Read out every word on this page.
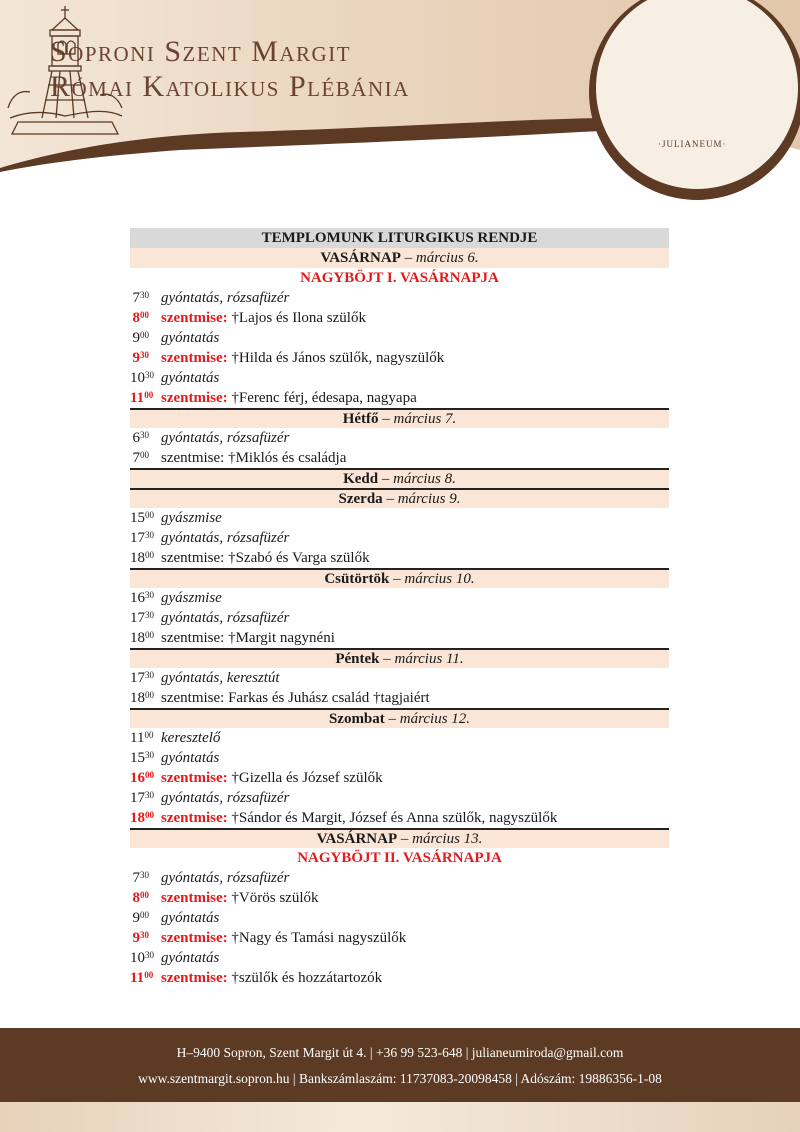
Soproni Szent Margit
Római Katolikus Plébánia
·JULIANEUM·
TEMPLOMUNK LITURGIKUS RENDJE
VASÁRNAP – március 6.
NAGYBÖJT I. VASÁRNAPJA
$7^{30}$ gyóntatás, rózsafüzér
$8^{00}$ szentmise: †Lajos és Ilona szülők
$9^{00}$ gyóntatás
$9^{30}$ szentmise: †Hilda és János szülők, nagyszülők
$10^{30}$ gyóntatás
$11^{00}$ szentmise: †Ferenc férj, édesapa, nagyapa
Hétfő – március 7.
$6^{30}$ gyóntatás, rózsafüzér
$7^{00}$ szentmise: †Miklós és családja
Kedd – március 8.
Szerda – március 9.
$15^{00}$ gyászmise
$17^{30}$ gyóntatás, rózsafüzér
$18^{00}$ szentmise: †Szabó és Varga szülők
Csütörtök – március 10.
$16^{30}$ gyászmise
$17^{30}$ gyóntatás, rózsafüzér
$18^{00}$ szentmise: †Margit nagynéni
Péntek – március 11.
$17^{30}$ gyóntatás, keresztút
$18^{00}$ szentmise: Farkas és Juhász család †tagjaiért
Szombat – március 12.
$11^{00}$ keresztelő
$15^{30}$ gyóntatás
$16^{00}$ szentmise: †Gizella és József szülők
$17^{30}$ gyóntatás, rózsafüzér
$18^{00}$ szentmise: †Sándor és Margit, József és Anna szülők, nagyszülők
VASÁRNAP – március 13.
NAGYBÖJT II. VASÁRNAPJA
$7^{30}$ gyóntatás, rózsafüzér
$8^{00}$ szentmise: †Vörös szülők
$9^{00}$ gyóntatás
$9^{30}$ szentmise: †Nagy és Tamási nagyszülők
$10^{30}$ gyóntatás
$11^{00}$ szentmise: †szülők és hozzátartozók
H–9400 Sopron, Szent Margit út 4. | +36 99 523-648 | julianeumiroda@gmail.com
www.szentmargit.sopron.hu | Bankszámlaszám: 11737083-20098458 | Adószám: 19886356-1-08
